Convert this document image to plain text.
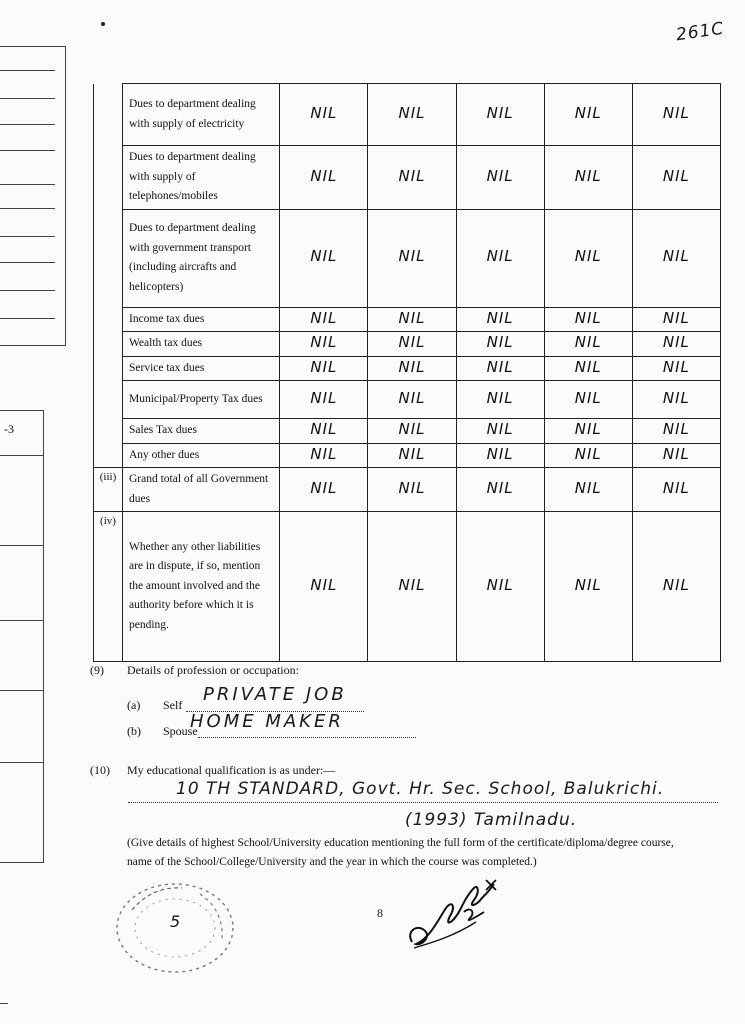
261C
-3
	Dues to department dealing with supply of electricity	NIL	NIL	NIL	NIL	NIL
	Dues to department dealing with supply of telephones/mobiles	NIL	NIL	NIL	NIL	NIL
	Dues to department dealing with government transport (including aircrafts and helicopters)	NIL	NIL	NIL	NIL	NIL
	Income tax dues	NIL	NIL	NIL	NIL	NIL
	Wealth tax dues	NIL	NIL	NIL	NIL	NIL
	Service tax dues	NIL	NIL	NIL	NIL	NIL
	Municipal/Property Tax dues	NIL	NIL	NIL	NIL	NIL
	Sales Tax dues	NIL	NIL	NIL	NIL	NIL
	Any other dues	NIL	NIL	NIL	NIL	NIL
(iii)	Grand total of all Government dues	NIL	NIL	NIL	NIL	NIL
(iv)	Whether any other liabilities are in dispute, if so, mention the amount involved and the authority before which it is pending.	NIL	NIL	NIL	NIL	NIL
(9) Details of profession or occupation:
(a) Self PRIVATE JOB
(b) Spouse
HOME MAKER
(10) My educational qualification is as under:—
10 TH STANDARD, Govt. Hr. Sec. School, Balukrichi.
(1993) Tamilnadu.
(Give details of highest School/University education mentioning the full form of the certificate/diploma/degree course, name of the School/College/University and the year in which the course was completed.)
5	8
